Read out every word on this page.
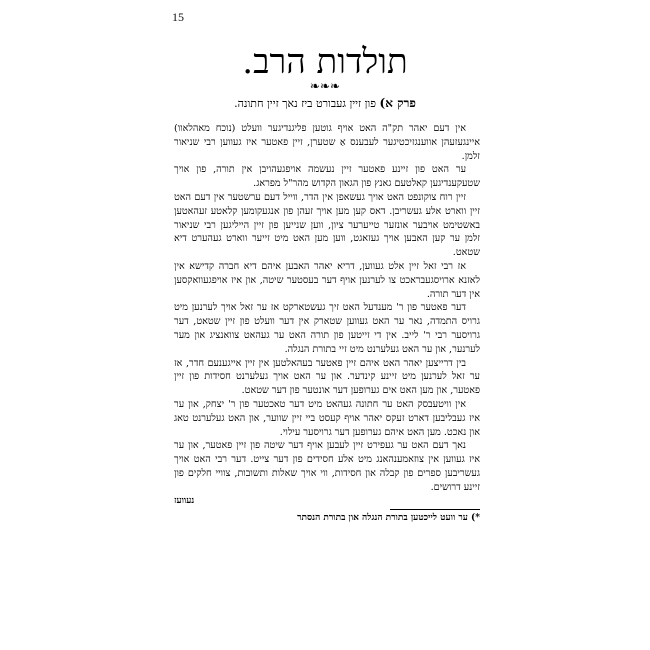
15
תולדות הרב.
❧❧❧
פרק א) פון זיין געבורט ביז נאך זיין חתונה.

אין דעם יאהר תק"ה האט אויף גוטען פליגנדיגער וועלט (נוכח מאהלאוו) איינגעזעהן אווענגזיכטיגער לעבענס אַ שטערן, זיין פאטער איז געווען רבי שניאור זלמן.

ער האט פון זיינע פאטער זיין נעשמה אויפגעהויבן אין תורה, פון אויך שטעקענדיגען קאלטעם גאנץ פון הגאון הקדוש מהר"ל מפראג.

זיין רוח צוקונפט האט אויך געשאפן אין הדר, ווייל דעם ערשטער אין דעם האט זיין ווארט אלע געשריבן. דאס קען מען אויך זעהן פון אנגעקומען קלאטע זעהאטען באשטימט אויבער אונזער טייערער ציון, ווען שנייען פון זיין הייליגען רבי שניאור זלמן ער קען האבען אויך געזאגט, ווען מען האט מיט זייער ווארט געהערט דיא שטאט.

אז רבי זאל זיין אלט געווען, דריא יאהר האבען איהם דיא חברה קדישא אין לאזנא ארויסגעבראכט צו לערנען אויף דער בעסטער שיטה, און איז אויפגעוואקסען אין דער תורה.

דער פאטער פון ר' מענדעל האט זיך געשטארקט אז ער זאל אויך לערנען מיט גרויס התמדה, נאר ער האט געווען שטארק אין דער וועלט פון זיין שטאט, דער גרויסער רבי ר' לייב. אין די זייטען פון תורה האט ער געהאט צוואנציג און מער לערנער, און ער האט געלערנט מיט זיי בתורת הנגלה.

בין דרייצען יאהר האט איהם זיין פאטער בעהאלטען אין זיין אייגענעם חדר, אז ער זאל לערנען מיט זיינע קינדער. און ער האט אויך געלערנט חסידות פון זיין פאטער, און מען האט אים גערופען דער אונטער פון דער שטאט.

אין וויטעבסק האט ער חתונה געהאט מיט דער טאכטער פון ר' יצחק, און ער איז געבליבען דארט זעקס יאהר אויף קעסט ביי זיין שווער, און האט געלערנט טאג און נאכט. מען האט איהם גערופען דער גרויסער עילוי.

נאך דעם האט ער געפירט זיין לעבען אויף דער שיטה פון זיין פאטער, און ער איז געווען אין צוזאמענהאנג מיט אלע חסידים פון דער צייט. דער רבי האט אויך געשריבען ספרים פון קבלה און חסידות, ווי אויך שאלות ותשובות, צוויי חלקים פון זיינע דרושים.

נעוועז
*) ער וועט לייכטען בתורת הנגלה און בתורת הנסתר
